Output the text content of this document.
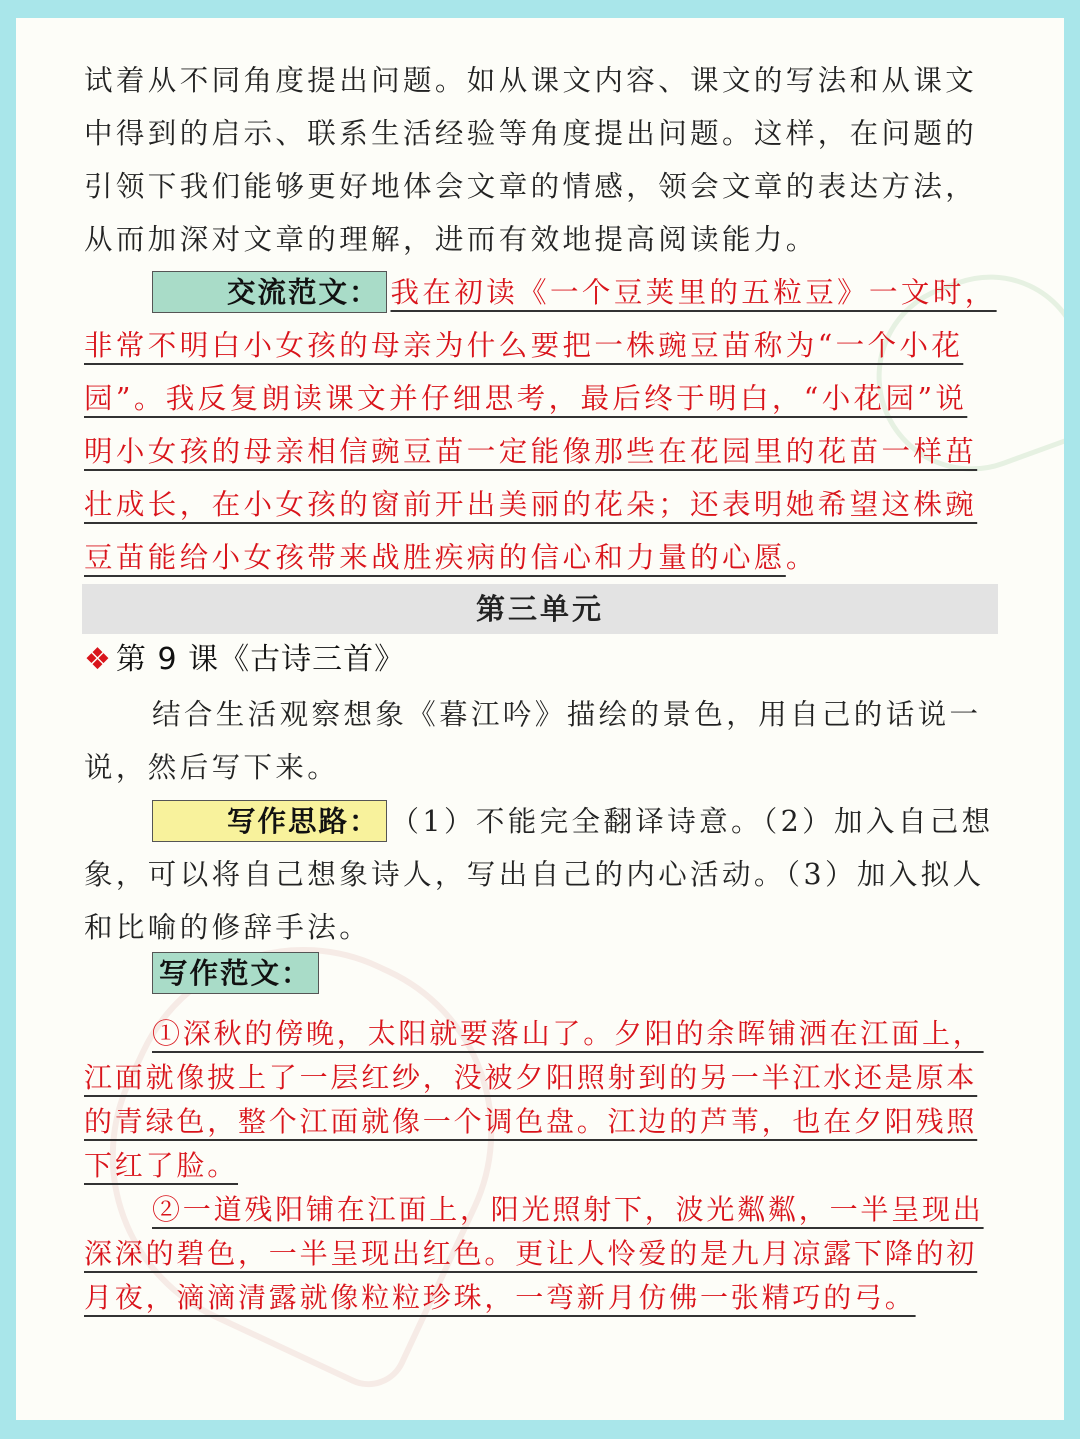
试着从不同角度提出问题。如从课文内容、课文的写法和从课文中得到的启示、联系生活经验等角度提出问题。这样，在问题的引领下我们能够更好地体会文章的情感，领会文章的表达方法，从而加深对文章的理解，进而有效地提高阅读能力。

交流范文： 我在初读《一个豆荚里的五粒豆》一文时，非常不明白小女孩的母亲为什么要把一株豌豆苗称为“一个小花园”。我反复朗读课文并仔细思考，最后终于明白，“小花园”说明小女孩的母亲相信豌豆苗一定能像那些在花园里的花苗一样茁壮成长，在小女孩的窗前开出美丽的花朵；还表明她希望这株豌豆苗能给小女孩带来战胜疾病的信心和力量的心愿。

结合生活观察想象《暮江吟》描绘的景色，用自己的话说一说，然后写下来。

写作思路： （1）不能完全翻译诗意。（2）加入自己想象，可以将自己想象诗人，写出自己的内心活动。（3）加入拟人和比喻的修辞手法。

写作范文：

①深秋的傍晚，太阳就要落山了。夕阳的余晖铺洒在江面上，江面就像披上了一层红纱，没被夕阳照射到的另一半江水还是原本的青绿色，整个江面就像一个调色盘。江边的芦苇，也在夕阳残照下红了脸。

②一道残阳铺在江面上，阳光照射下，波光粼粼，一半呈现出深深的碧色，一半呈现出红色。更让人怜爱的是九月凉露下降的初月夜，滴滴清露就像粒粒珍珠，一弯新月仿佛一张精巧的弓。

第三单元
❖ 第 9 课《古诗三首》
